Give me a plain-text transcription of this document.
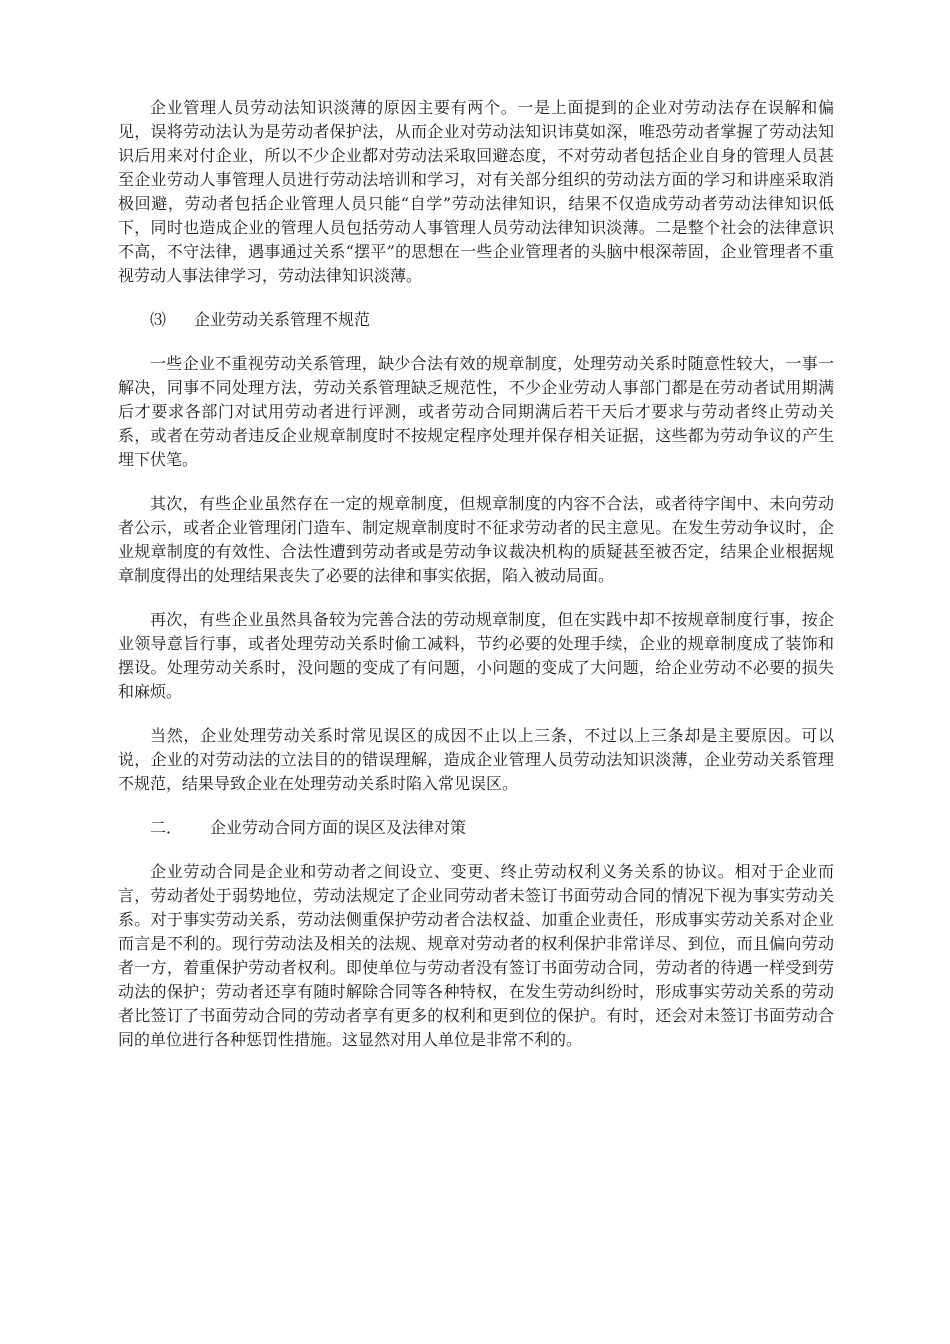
企业管理人员劳动法知识淡薄的原因主要有两个。一是上面提到的企业对劳动法存在误解和偏见，误将劳动法认为是劳动者保护法，从而企业对劳动法知识讳莫如深，唯恐劳动者掌握了劳动法知识后用来对付企业，所以不少企业都对劳动法采取回避态度，不对劳动者包括企业自身的管理人员甚至企业劳动人事管理人员进行劳动法培训和学习，对有关部分组织的劳动法方面的学习和讲座采取消极回避，劳动者包括企业管理人员只能“自学”劳动法律知识，结果不仅造成劳动者劳动法律知识低下，同时也造成企业的管理人员包括劳动人事管理人员劳动法律知识淡薄。二是整个社会的法律意识不高，不守法律，遇事通过关系“摆平”的思想在一些企业管理者的头脑中根深蒂固，企业管理者不重视劳动人事法律学习，劳动法律知识淡薄。

⑶ 企业劳动关系管理不规范

一些企业不重视劳动关系管理，缺少合法有效的规章制度，处理劳动关系时随意性较大，一事一解决，同事不同处理方法，劳动关系管理缺乏规范性，不少企业劳动人事部门都是在劳动者试用期满后才要求各部门对试用劳动者进行评测，或者劳动合同期满后若干天后才要求与劳动者终止劳动关系，或者在劳动者违反企业规章制度时不按规定程序处理并保存相关证据，这些都为劳动争议的产生埋下伏笔。

其次，有些企业虽然存在一定的规章制度，但规章制度的内容不合法，或者待字闺中、未向劳动者公示，或者企业管理闭门造车、制定规章制度时不征求劳动者的民主意见。在发生劳动争议时，企业规章制度的有效性、合法性遭到劳动者或是劳动争议裁决机构的质疑甚至被否定，结果企业根据规章制度得出的处理结果丧失了必要的法律和事实依据，陷入被动局面。

再次，有些企业虽然具备较为完善合法的劳动规章制度，但在实践中却不按规章制度行事，按企业领导意旨行事，或者处理劳动关系时偷工减料，节约必要的处理手续，企业的规章制度成了装饰和摆设。处理劳动关系时，没问题的变成了有问题，小问题的变成了大问题，给企业劳动不必要的损失和麻烦。

当然，企业处理劳动关系时常见误区的成因不止以上三条，不过以上三条却是主要原因。可以说，企业的对劳动法的立法目的的错误理解，造成企业管理人员劳动法知识淡薄，企业劳动关系管理不规范，结果导致企业在处理劳动关系时陷入常见误区。

二． 企业劳动合同方面的误区及法律对策

企业劳动合同是企业和劳动者之间设立、变更、终止劳动权利义务关系的协议。相对于企业而言，劳动者处于弱势地位，劳动法规定了企业同劳动者未签订书面劳动合同的情况下视为事实劳动关系。对于事实劳动关系，劳动法侧重保护劳动者合法权益、加重企业责任，形成事实劳动关系对企业而言是不利的。现行劳动法及相关的法规、规章对劳动者的权利保护非常详尽、到位，而且偏向劳动者一方，着重保护劳动者权利。即使单位与劳动者没有签订书面劳动合同，劳动者的待遇一样受到劳动法的保护；劳动者还享有随时解除合同等各种特权，在发生劳动纠纷时，形成事实劳动关系的劳动者比签订了书面劳动合同的劳动者享有更多的权利和更到位的保护。有时，还会对未签订书面劳动合同的单位进行各种惩罚性措施。这显然对用人单位是非常不利的。
